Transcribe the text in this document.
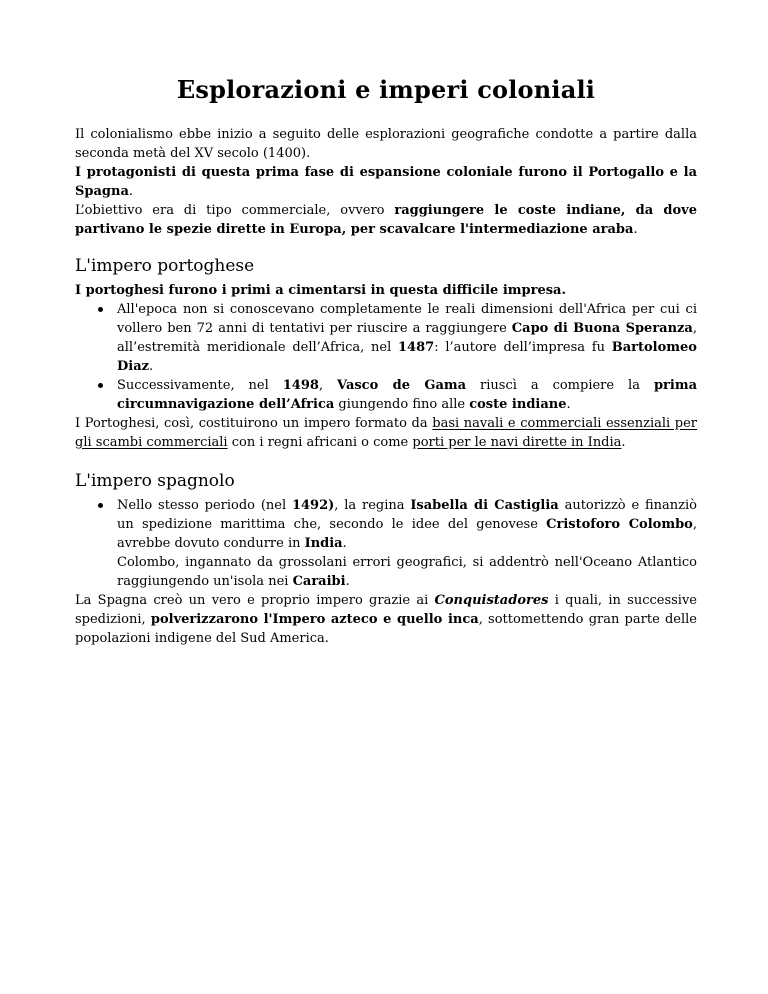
Esplorazioni e imperi coloniali

Il colonialismo ebbe inizio a seguito delle esplorazioni geografiche condotte a partire dalla seconda metà del XV secolo (1400).

I protagonisti di questa prima fase di espansione coloniale furono il Portogallo e la Spagna.

L’obiettivo era di tipo commerciale, ovvero raggiungere le coste indiane, da dove partivano le spezie dirette in Europa, per scavalcare l'intermediazione araba.

L'impero portoghese

I portoghesi furono i primi a cimentarsi in questa difficile impresa.

All'epoca non si conoscevano completamente le reali dimensioni dell'Africa per cui ci vollero ben 72 anni di tentativi per riuscire a raggiungere Capo di Buona Speranza, all’estremità meridionale dell’Africa, nel 1487: l’autore dell’impresa fu Bartolomeo Diaz.
Successivamente, nel 1498, Vasco de Gama riuscì a compiere la prima circumnavigazione dell’Africa giungendo fino alle coste indiane.

I Portoghesi, così, costituirono un impero formato da basi navali e commerciali essenziali per gli scambi commerciali con i regni africani o come porti per le navi dirette in India.

L'impero spagnolo
Nello stesso periodo (nel 1492), la regina Isabella di Castiglia autorizzò e finanziò un spedizione marittima che, secondo le idee del genovese Cristoforo Colombo, avrebbe dovuto condurre in India.
Colombo, ingannato da grossolani errori geografici, si addentrò nell'Oceano Atlantico raggiungendo un'isola nei Caraibi.

La Spagna creò un vero e proprio impero grazie ai Conquistadores i quali, in successive spedizioni, polverizzarono l'Impero azteco e quello inca, sottomettendo gran parte delle popolazioni indigene del Sud America.
